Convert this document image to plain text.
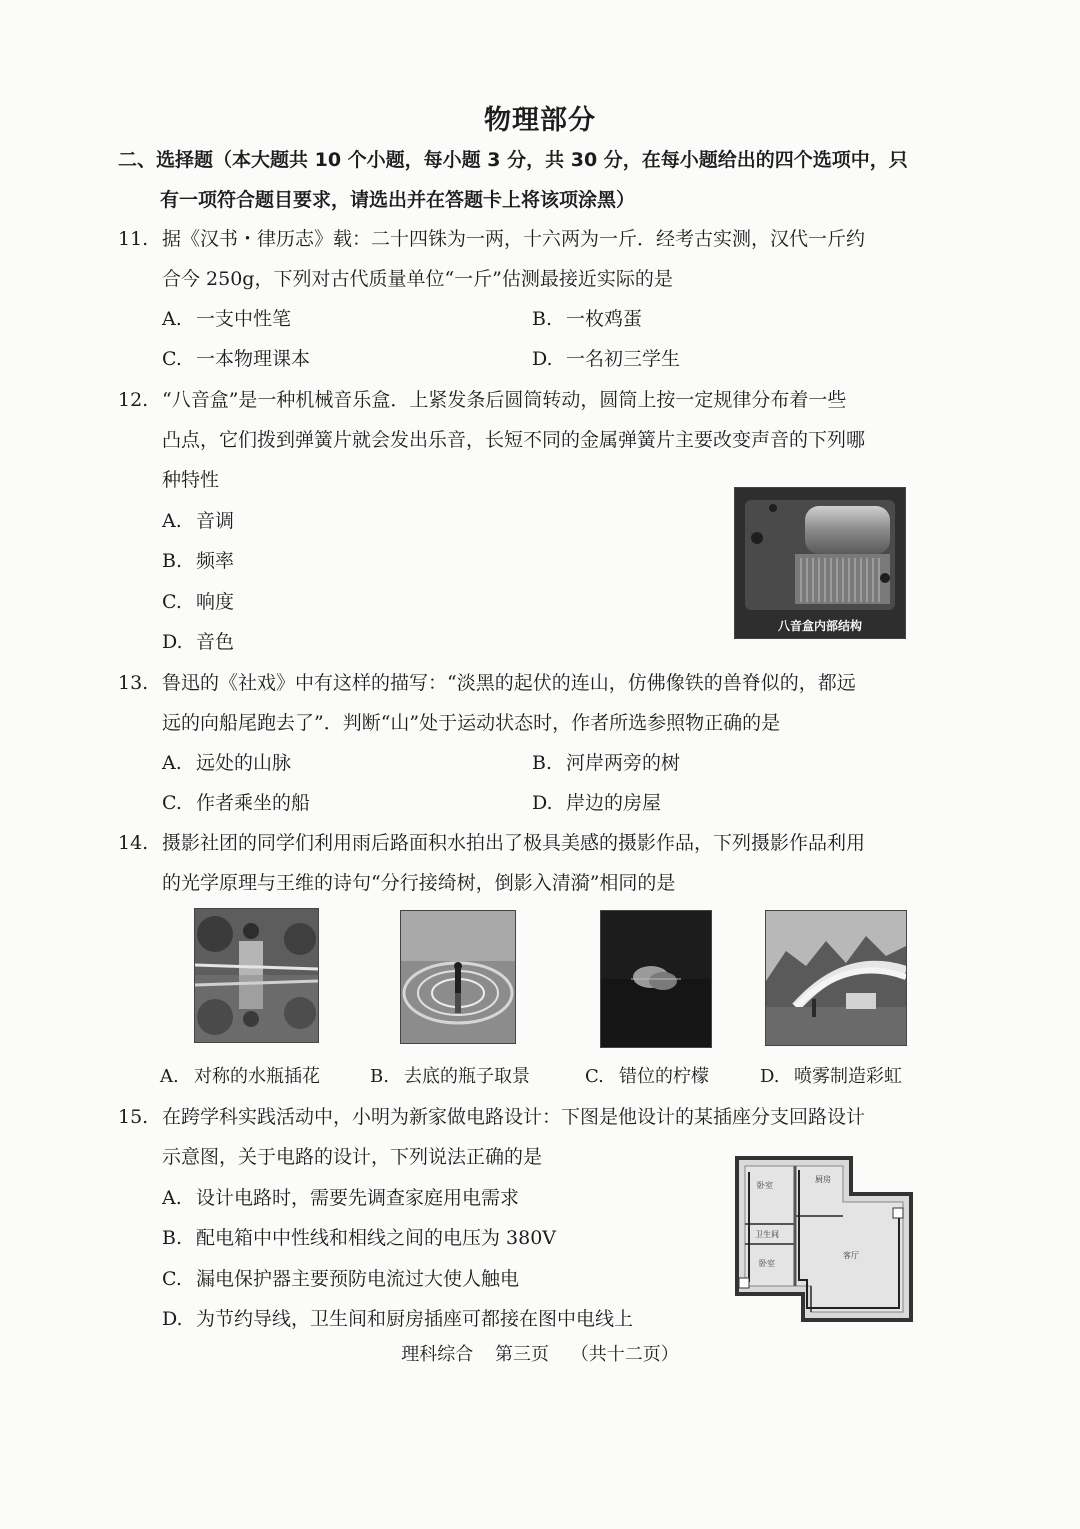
物理部分
二、选择题（本大题共 10 个小题，每小题 3 分，共 30 分，在每小题给出的四个选项中，只
有一项符合题目要求，请选出并在答题卡上将该项涂黑）
11. 据《汉书・律历志》载：二十四铢为一两，十六两为一斤．经考古实测，汉代一斤约
合今 250g，下列对古代质量单位“一斤”估测最接近实际的是
A. 一支中性笔	B. 一枚鸡蛋
C. 一本物理课本	D. 一名初三学生
12. “八音盒”是一种机械音乐盒．上紧发条后圆筒转动，圆筒上按一定规律分布着一些
凸点，它们拨到弹簧片就会发出乐音，长短不同的金属弹簧片主要改变声音的下列哪
种特性
A. 音调
B. 频率
C. 响度
D. 音色
八音盒内部结构
13. 鲁迅的《社戏》中有这样的描写：“淡黑的起伏的连山，仿佛像铁的兽脊似的，都远
远的向船尾跑去了”．判断“山”处于运动状态时，作者所选参照物正确的是
A. 远处的山脉	B. 河岸两旁的树
C. 作者乘坐的船	D. 岸边的房屋
14. 摄影社团的同学们利用雨后路面积水拍出了极具美感的摄影作品，下列摄影作品利用
的光学原理与王维的诗句“分行接绮树，倒影入清漪”相同的是
A. 对称的水瓶插花	B. 去底的瓶子取景	C. 错位的柠檬	D. 喷雾制造彩虹
15. 在跨学科实践活动中，小明为新家做电路设计：下图是他设计的某插座分支回路设计
示意图，关于电路的设计，下列说法正确的是
A. 设计电路时，需要先调查家庭用电需求
B. 配电箱中中性线和相线之间的电压为 380V
C. 漏电保护器主要预防电流过大使人触电
D. 为节约导线，卫生间和厨房插座可都接在图中电线上
卧室
厨房
卫生间
卧室
客厅
理科综合 第三页 （共十二页）
